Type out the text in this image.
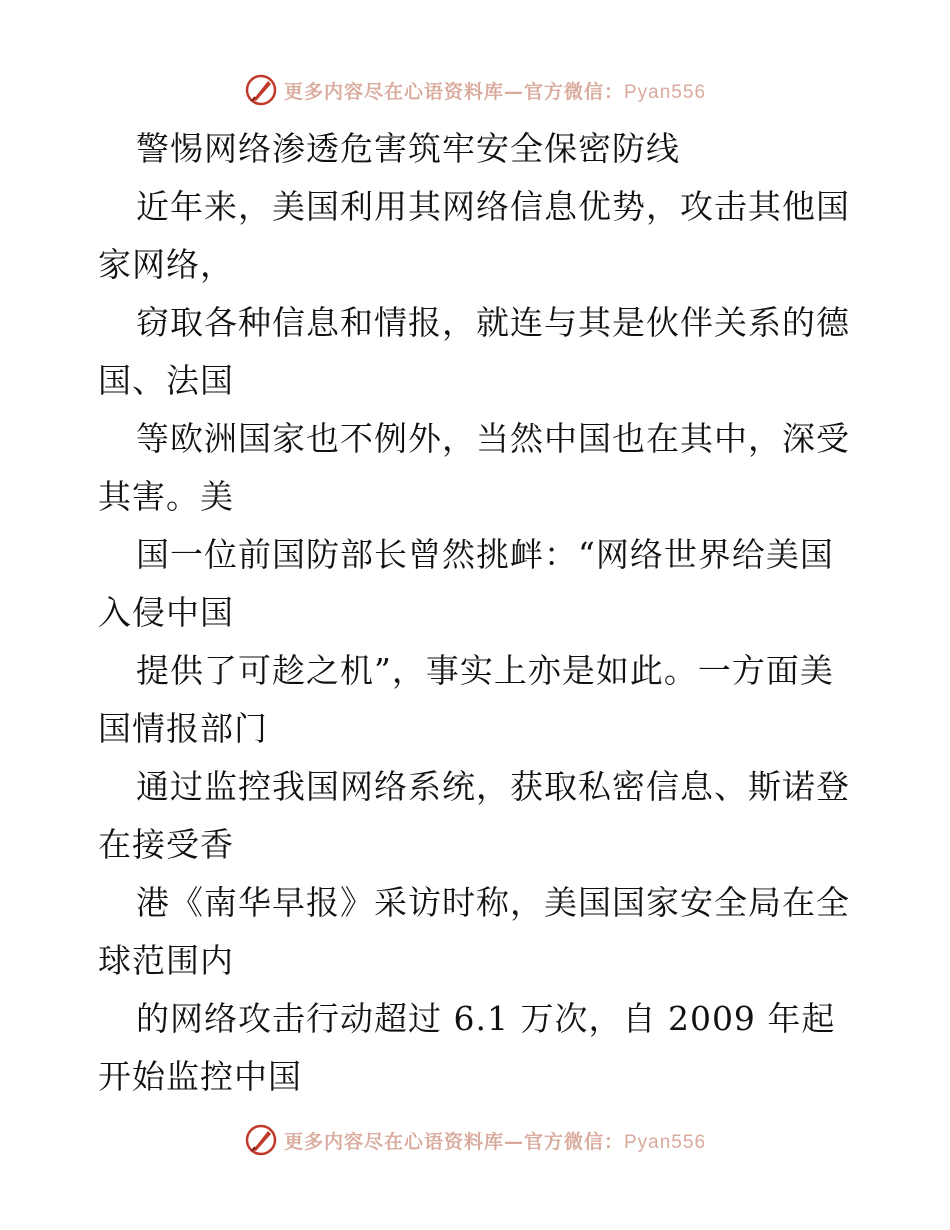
更多内容尽在心语资料库—官方微信：Pyan556
警惕网络渗透危害筑牢安全保密防线
近年来，美国利用其网络信息优势，攻击其他国
家网络，
窃取各种信息和情报，就连与其是伙伴关系的德
国、法国
等欧洲国家也不例外，当然中国也在其中，深受
其害。美
国一位前国防部长曾然挑衅：“网络世界给美国
入侵中国
提供了可趁之机”，事实上亦是如此。一方面美
国情报部门
通过监控我国网络系统，获取私密信息、斯诺登
在接受香
港《南华早报》采访时称，美国国家安全局在全
球范围内
的网络攻击行动超过 6.1 万次，自 2009 年起
开始监控中国
更多内容尽在心语资料库—官方微信：Pyan556
